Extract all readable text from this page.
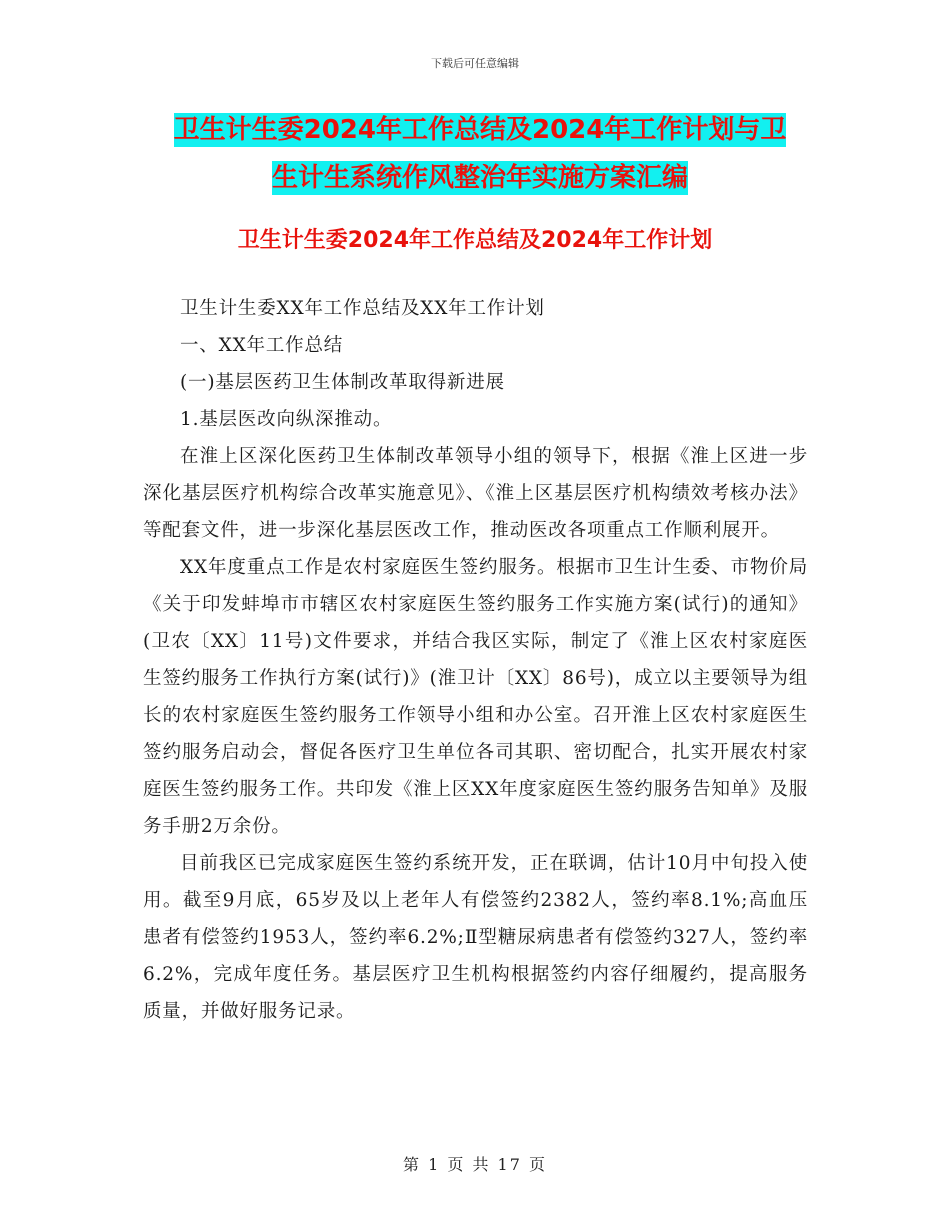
下载后可任意编辑
卫生计生委2024年工作总结及2024年工作计划与卫
生计生系统作风整治年实施方案汇编
卫生计生委2024年工作总结及2024年工作计划

卫生计生委XX年工作总结及XX年工作计划

一、XX年工作总结

(一)基层医药卫生体制改革取得新进展

1.基层医改向纵深推动。

在淮上区深化医药卫生体制改革领导小组的领导下，根据《淮上区进一步深化基层医疗机构综合改革实施意见》、《淮上区基层医疗机构绩效考核办法》等配套文件，进一步深化基层医改工作，推动医改各项重点工作顺利展开。

XX年度重点工作是农村家庭医生签约服务。根据市卫生计生委、市物价局《关于印发蚌埠市市辖区农村家庭医生签约服务工作实施方案(试行)的通知》(卫农〔XX〕11号)文件要求，并结合我区实际，制定了《淮上区农村家庭医生签约服务工作执行方案(试行)》(淮卫计〔XX〕86号)，成立以主要领导为组长的农村家庭医生签约服务工作领导小组和办公室。召开淮上区农村家庭医生签约服务启动会，督促各医疗卫生单位各司其职、密切配合，扎实开展农村家庭医生签约服务工作。共印发《淮上区XX年度家庭医生签约服务告知单》及服务手册2万余份。

目前我区已完成家庭医生签约系统开发，正在联调，估计10月中旬投入使用。截至9月底，65岁及以上老年人有偿签约2382人，签约率8.1%;高血压患者有偿签约1953人，签约率6.2%;Ⅱ型糖尿病患者有偿签约327人，签约率6.2%，完成年度任务。基层医疗卫生机构根据签约内容仔细履约，提高服务质量，并做好服务记录。

第 1 页 共 17 页
